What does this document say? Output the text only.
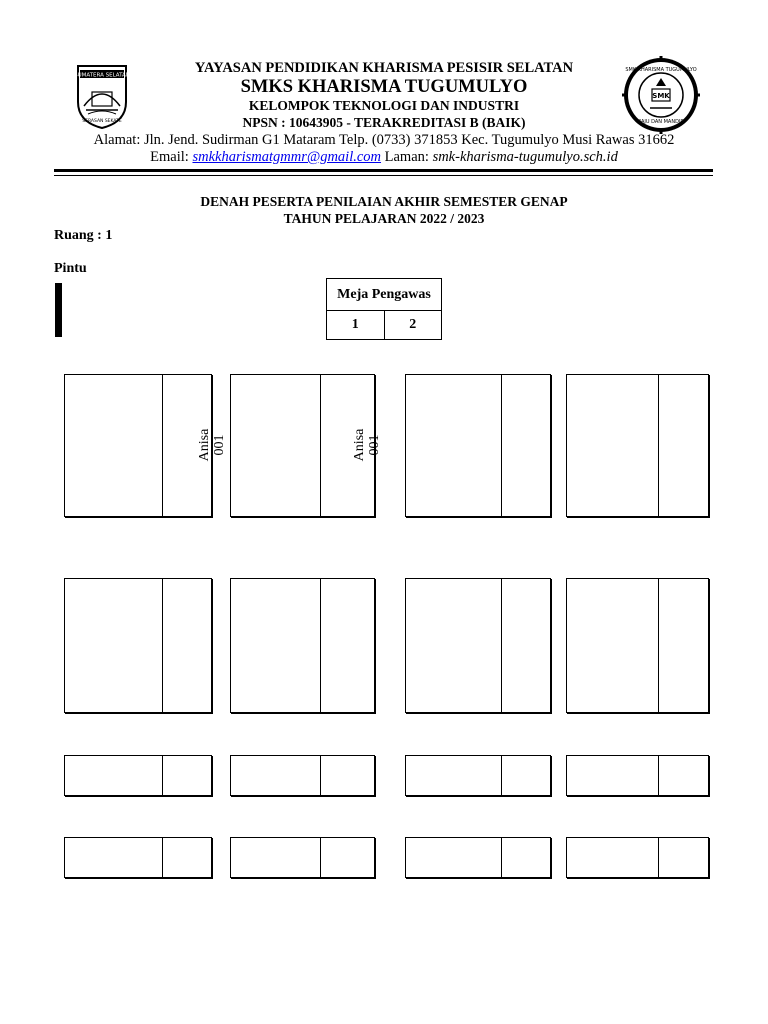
SUMATERA SELATAN
SERASAN SEKATE
SMK
SMK KHARISMA TUGUMULYO
MAJU DAN MANDIRI
YAYASAN PENDIDIKAN KHARISMA PESISIR SELATAN
SMKS KHARISMA TUGUMULYO
KELOMPOK TEKNOLOGI DAN INDUSTRI
NPSN : 10643905 - TERAKREDITASI B (BAIK)
Alamat: Jln. Jend. Sudirman G1 Mataram Telp. (0733) 371853 Kec. Tugumulyo Musi Rawas 31662
Email: smkkharismatgmmr@gmail.com Laman: smk-kharisma-tugumulyo.sch.id
DENAH PESERTA PENILAIAN AKHIR SEMESTER GENAP
TAHUN PELAJARAN 2022 / 2023
Ruang : 1
Pintu
Meja Pengawas
1	2
Anisa 001	Anisa 001
